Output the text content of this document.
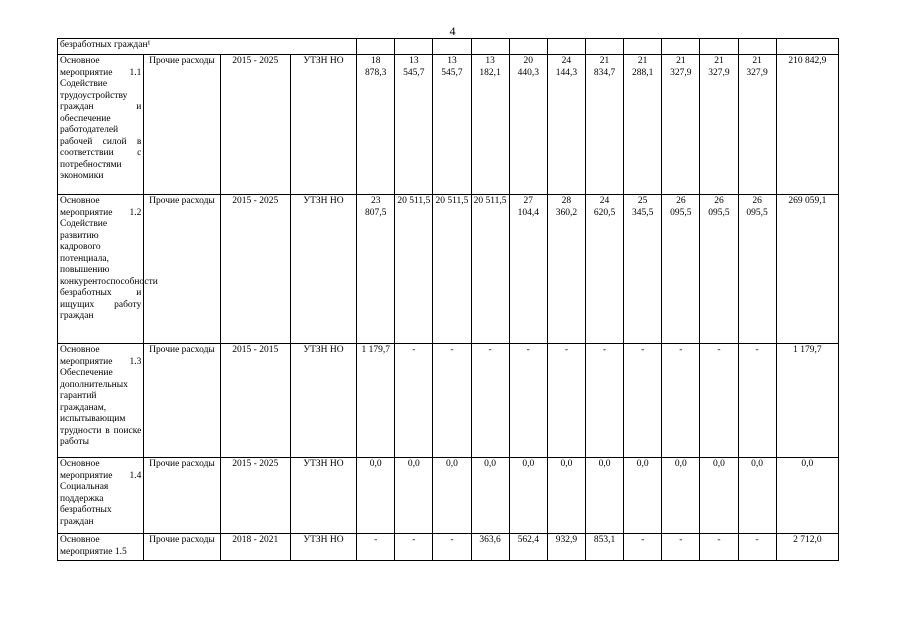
4
безработных граждан¹															
Основное мероприятие 1.1 Содействие трудоустройству граждан и обеспечение работодателей рабочей силой в соответствии с потребностями экономики	Прочие расходы	2015 - 2025	УТЗН НО	18 878,3	13 545,7	13 545,7	13 182,1	20 440,3	24 144,3	21 834,7	21 288,1	21 327,9	21 327,9	21 327,9	210 842,9
Основное мероприятие 1.2 Содействие развитию кадрового потенциала, повышению конкурентоспособности безработных и ищущих работу граждан	Прочие расходы	2015 - 2025	УТЗН НО	23 807,5	20 511,5	20 511,5	20 511,5	27 104,4	28 360,2	24 620,5	25 345,5	26 095,5	26 095,5	26 095,5	269 059,1
Основное мероприятие 1.3 Обеспечение дополнительных гарантий гражданам, испытывающим трудности в поиске работы	Прочие расходы	2015 - 2015	УТЗН НО	1 179,7	-	-	-	-	-	-	-	-	-	-	1 179,7
Основное мероприятие 1.4 Социальная поддержка безработных граждан	Прочие расходы	2015 - 2025	УТЗН НО	0,0	0,0	0,0	0,0	0,0	0,0	0,0	0,0	0,0	0,0	0,0	0,0
Основное мероприятие 1.5	Прочие расходы	2018 - 2021	УТЗН НО	-	-	-	363,6	562,4	932,9	853,1	-	-	-	-	2 712,0
